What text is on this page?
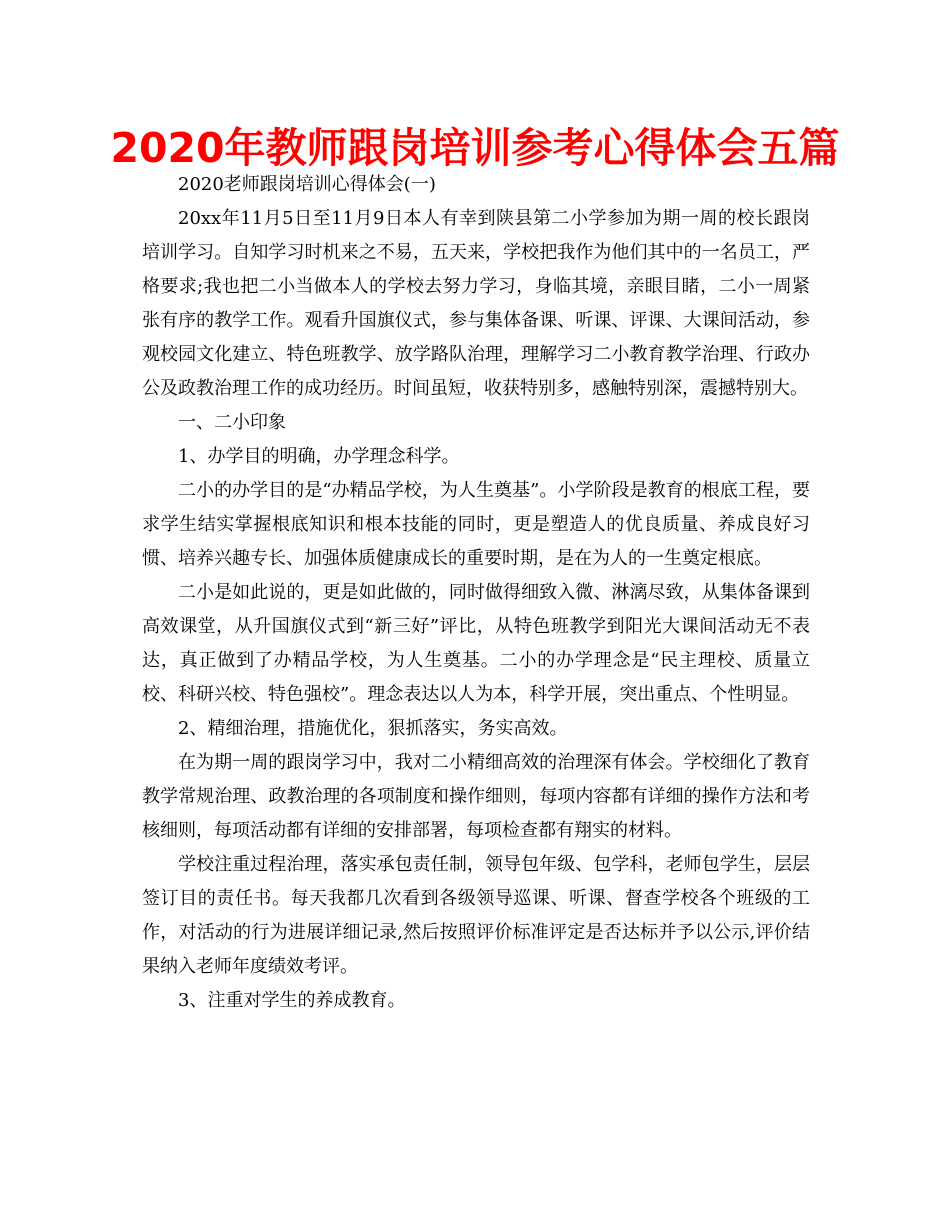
2020年教师跟岗培训参考心得体会五篇

2020老师跟岗培训心得体会(一)

20xx年11月5日至11月9日本人有幸到陕县第二小学参加为期一周的校长跟岗培训学习。自知学习时机来之不易，五天来，学校把我作为他们其中的一名员工，严格要求;我也把二小当做本人的学校去努力学习，身临其境，亲眼目睹，二小一周紧张有序的教学工作。观看升国旗仪式，参与集体备课、听课、评课、大课间活动，参观校园文化建立、特色班教学、放学路队治理，理解学习二小教育教学治理、行政办公及政教治理工作的成功经历。时间虽短，收获特别多，感触特别深，震撼特别大。

一、二小印象

1、办学目的明确，办学理念科学。

二小的办学目的是“办精品学校，为人生奠基”。小学阶段是教育的根底工程，要求学生结实掌握根底知识和根本技能的同时，更是塑造人的优良质量、养成良好习惯、培养兴趣专长、加强体质健康成长的重要时期，是在为人的一生奠定根底。

二小是如此说的，更是如此做的，同时做得细致入微、淋漓尽致，从集体备课到高效课堂，从升国旗仪式到“新三好”评比，从特色班教学到阳光大课间活动无不表达，真正做到了办精品学校，为人生奠基。二小的办学理念是“民主理校、质量立校、科研兴校、特色强校”。理念表达以人为本，科学开展，突出重点、个性明显。

2、精细治理，措施优化，狠抓落实，务实高效。

在为期一周的跟岗学习中，我对二小精细高效的治理深有体会。学校细化了教育教学常规治理、政教治理的各项制度和操作细则，每项内容都有详细的操作方法和考核细则，每项活动都有详细的安排部署，每项检查都有翔实的材料。

学校注重过程治理，落实承包责任制，领导包年级、包学科，老师包学生，层层签订目的责任书。每天我都几次看到各级领导巡课、听课、督查学校各个班级的工作，对活动的行为进展详细记录,然后按照评价标准评定是否达标并予以公示,评价结果纳入老师年度绩效考评。

3、注重对学生的养成教育。
